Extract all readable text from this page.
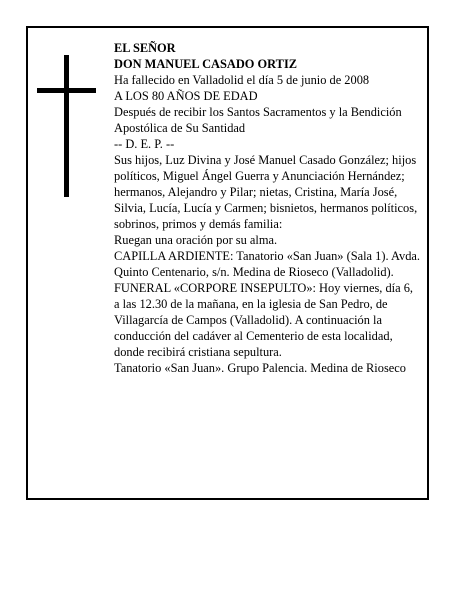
EL SEÑOR

DON MANUEL CASADO ORTIZ

Ha fallecido en Valladolid el día 5 de junio de 2008

A LOS 80 AÑOS DE EDAD

Después de recibir los Santos Sacramentos y la Bendición Apostólica de Su Santidad

-- D. E. P. --

Sus hijos, Luz Divina y José Manuel Casado González; hijos políticos, Miguel Ángel Guerra y Anunciación Hernández; hermanos, Alejandro y Pilar; nietas, Cristina, María José, Silvia, Lucía, Lucía y Carmen; bisnietos, hermanos políticos, sobrinos, primos y demás familia:

Ruegan una oración por su alma.

CAPILLA ARDIENTE: Tanatorio «San Juan» (Sala 1). Avda. Quinto Centenario, s/n. Medina de Rioseco (Valladolid).

FUNERAL «CORPORE INSEPULTO»: Hoy viernes, día 6, a las 12.30 de la mañana, en la iglesia de San Pedro, de Villagarcía de Campos (Valladolid). A continuación la conducción del cadáver al Cementerio de esta localidad, donde recibirá cristiana sepultura.

Tanatorio «San Juan». Grupo Palencia. Medina de Rioseco
